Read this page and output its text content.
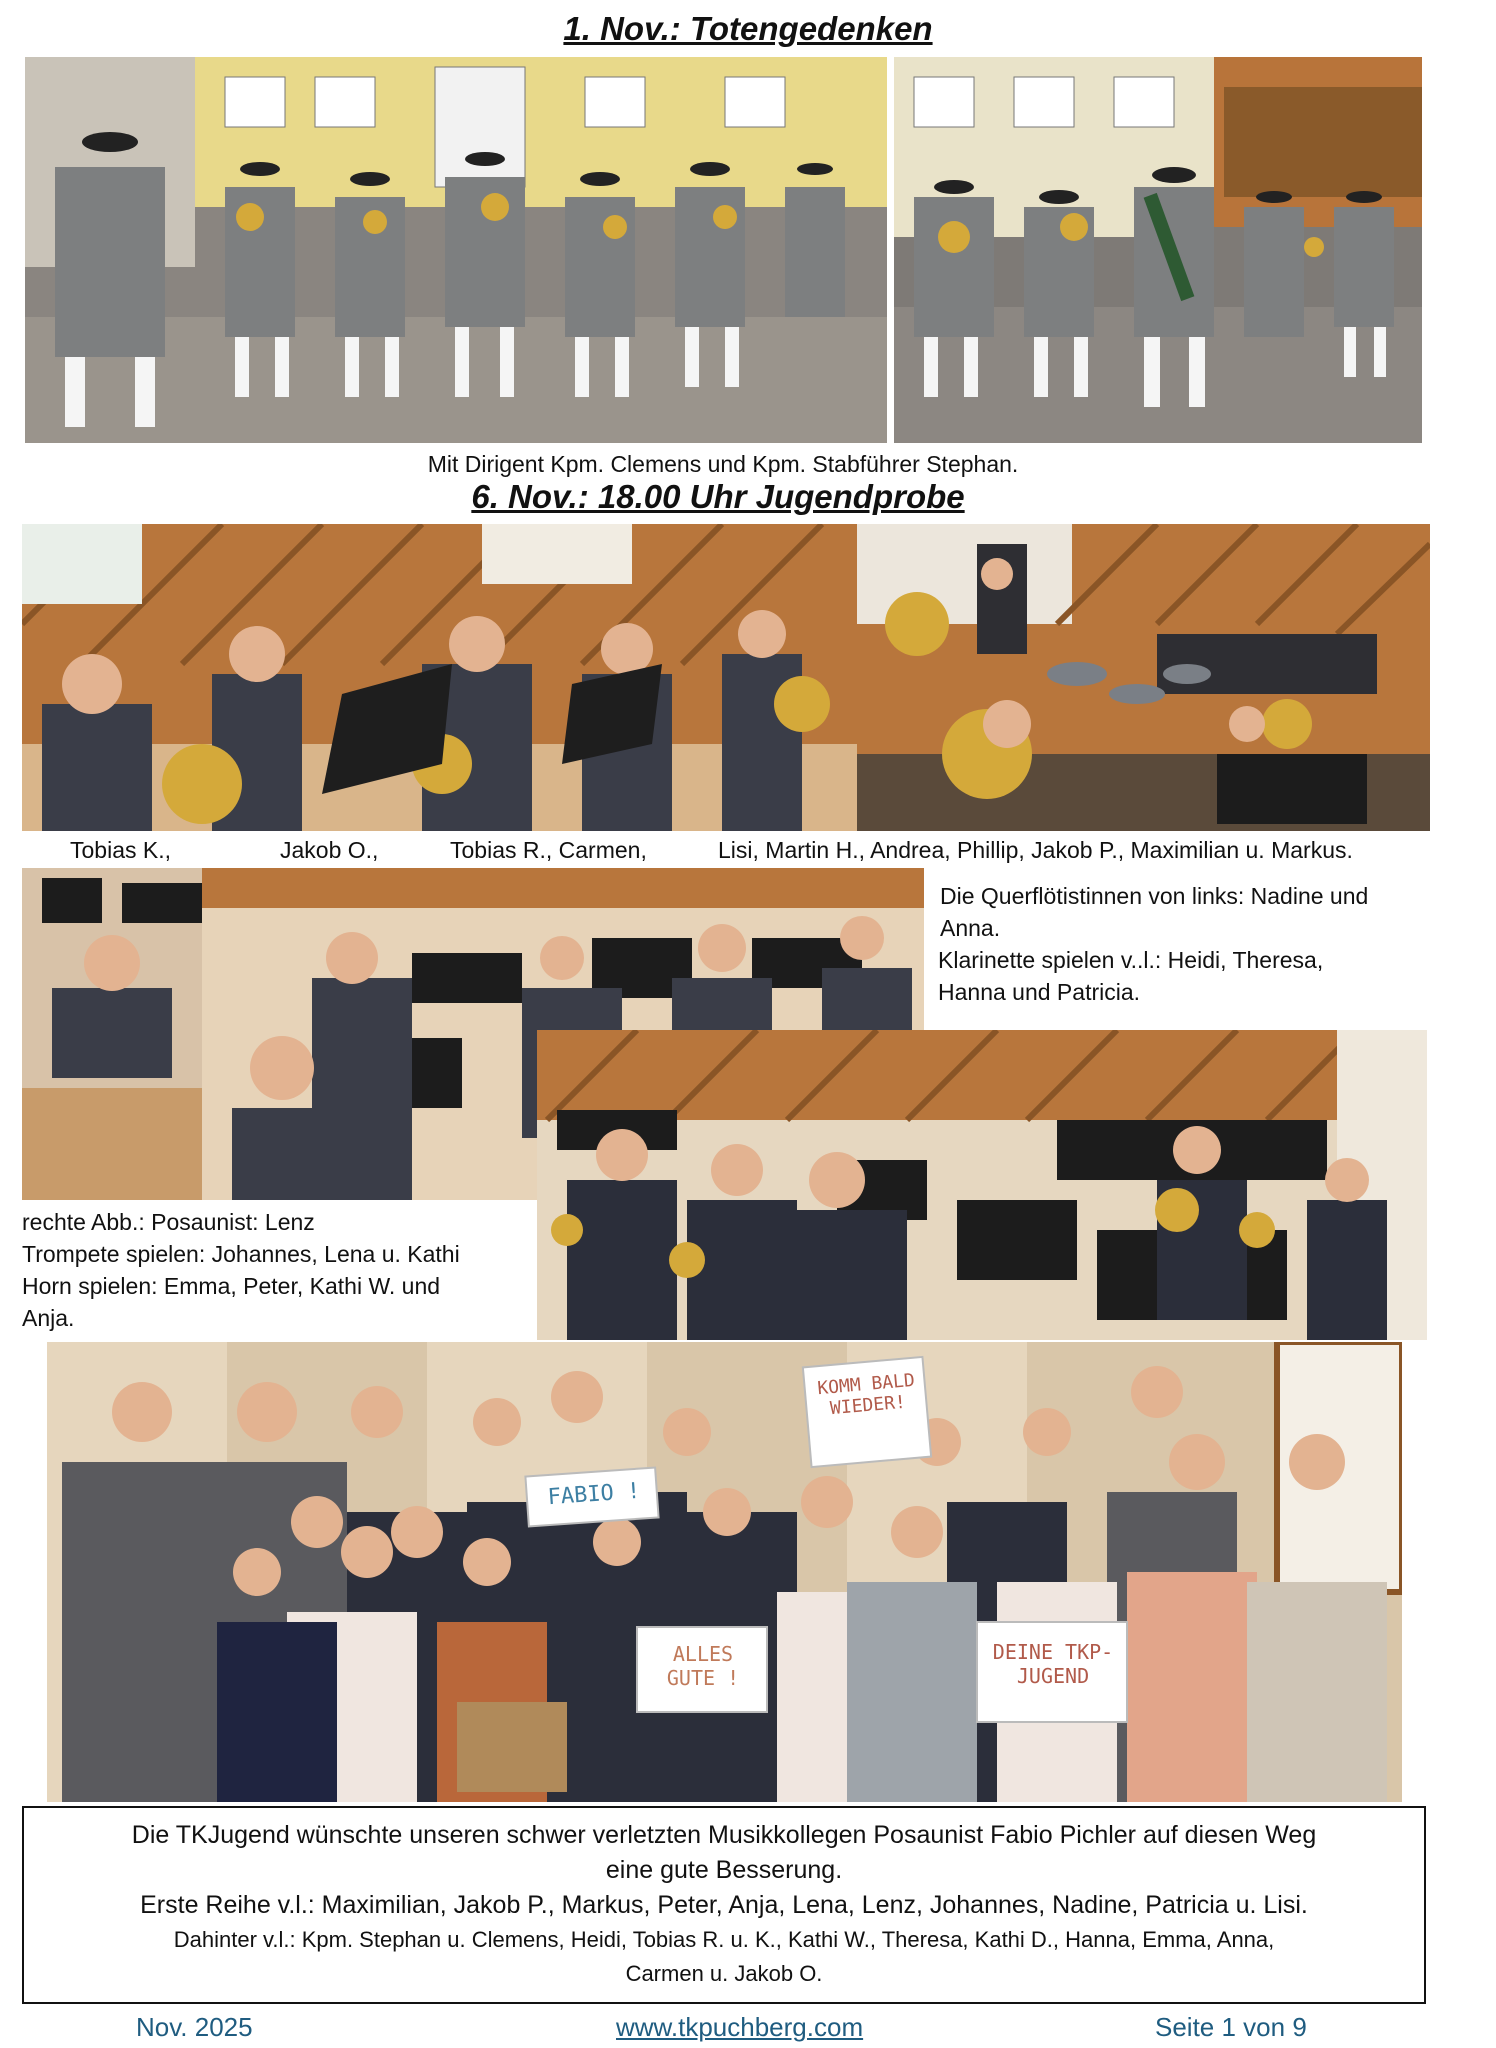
1. Nov.: Totengedenken
Mit Dirigent Kpm. Clemens und Kpm. Stabführer Stephan.
6. Nov.: 18.00 Uhr Jugendprobe
Tobias K.,	Jakob O.,	Tobias R., Carmen,	Lisi, Martin H., Andrea, Phillip, Jakob P., Maximilian u. Markus.
Die Querflötistinnen von links: Nadine und
Anna.
Klarinette spielen v..l.: Heidi, Theresa,
Hanna und Patricia.
rechte Abb.: Posaunist: Lenz
Trompete spielen: Johannes, Lena u. Kathi
Horn spielen: Emma, Peter, Kathi W. und
Anja.
KOMM BALD WIEDER!
FABIO !
ALLES GUTE !
DEINE TKP-JUGEND
Die TKJugend wünschte unseren schwer verletzten Musikkollegen Posaunist Fabio Pichler auf diesen Weg
eine gute Besserung.
Erste Reihe v.l.: Maximilian, Jakob P., Markus, Peter, Anja, Lena, Lenz, Johannes, Nadine, Patricia u. Lisi.
Dahinter v.l.: Kpm. Stephan u. Clemens, Heidi, Tobias R. u. K., Kathi W., Theresa, Kathi D., Hanna, Emma, Anna,
Carmen u. Jakob O.
Nov. 2025	www.tkpuchberg.com	Seite 1 von 9
